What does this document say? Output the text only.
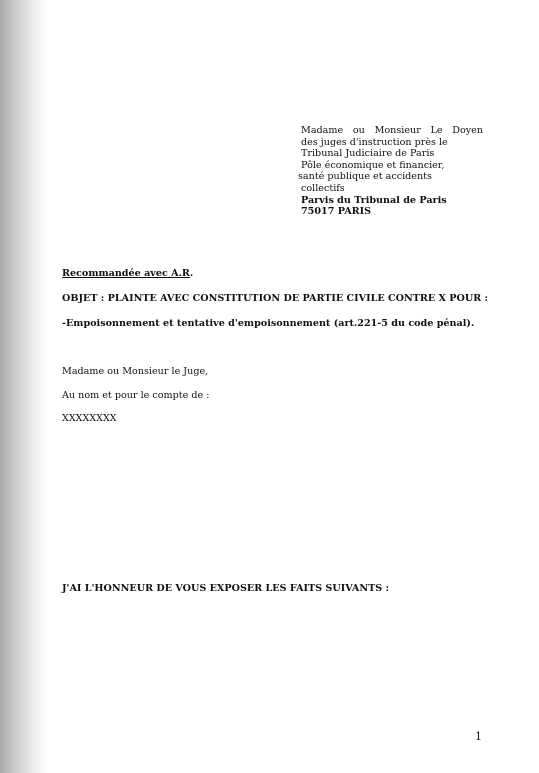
Madame ou Monsieur Le Doyen
des juges d'instruction près le
Tribunal Judiciaire de Paris
Pôle économique et financier,
santé publique et accidents
collectifs
Parvis du Tribunal de Paris
75017 PARIS
Recommandée avec A.R.
OBJET : PLAINTE AVEC CONSTITUTION DE PARTIE CIVILE CONTRE X POUR :
-Empoisonnement et tentative d'empoisonnement (art.221-5 du code pénal).
Madame ou Monsieur le Juge,
Au nom et pour le compte de :
XXXXXXXX
J'AI L'HONNEUR DE VOUS EXPOSER LES FAITS SUIVANTS :
1
